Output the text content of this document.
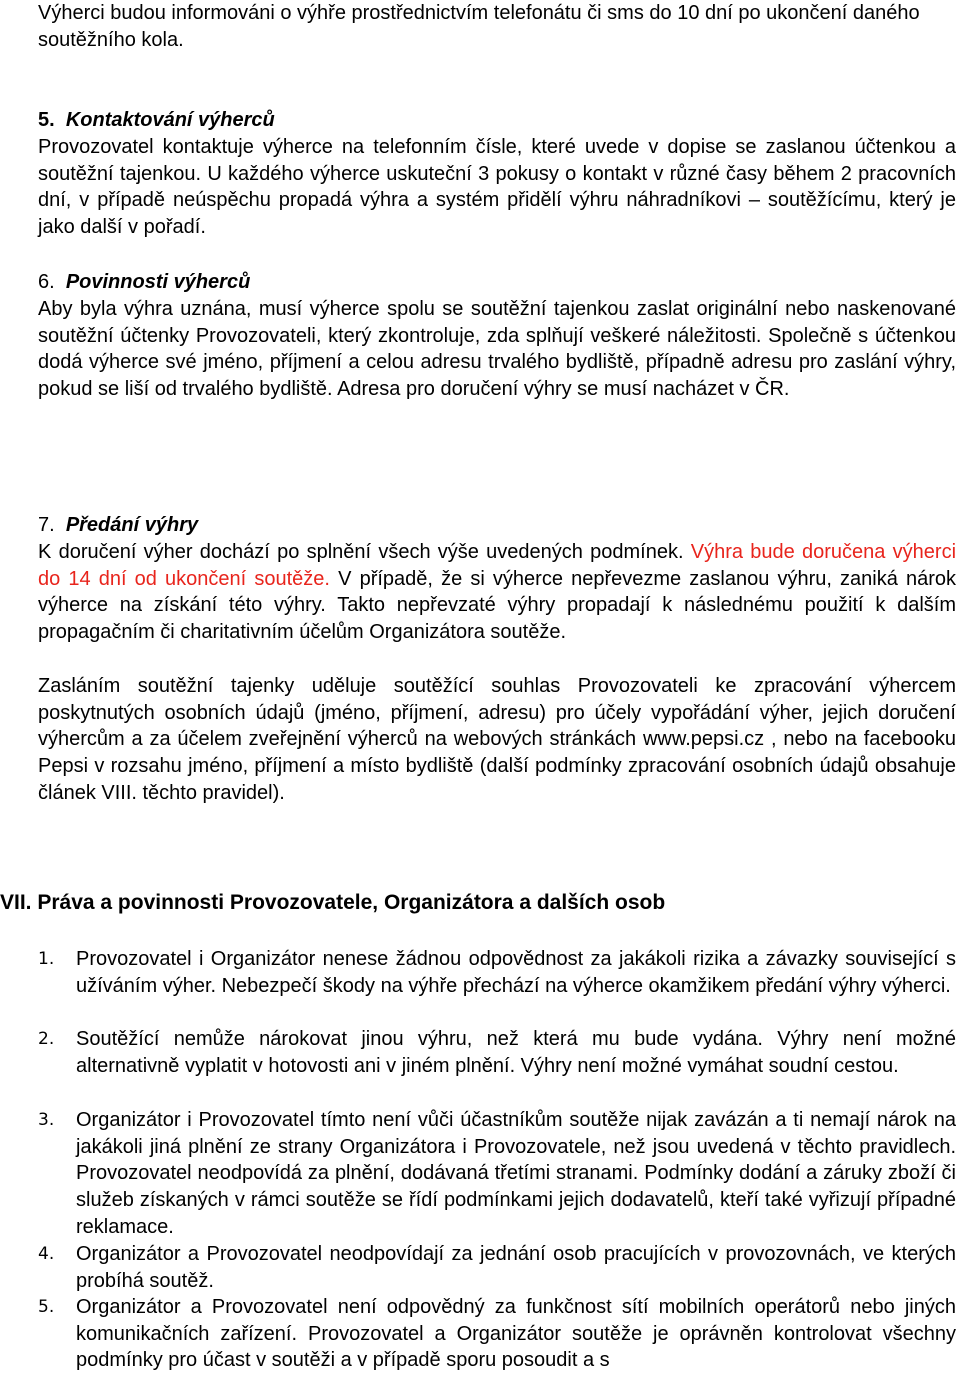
Výherci budou informováni o výhře prostřednictvím telefonátu či sms do 10 dní po ukončení daného soutěžního kola.
5. Kontaktování výherců
Provozovatel kontaktuje výherce na telefonním čísle, které uvede v dopise se zaslanou účtenkou a soutěžní tajenkou. U každého výherce uskuteční 3 pokusy o kontakt v různé časy během 2 pracovních dní, v případě neúspěchu propadá výhra a systém přidělí výhru náhradníkovi – soutěžícímu, který je jako další v pořadí.
6. Povinnosti výherců
Aby byla výhra uznána, musí výherce spolu se soutěžní tajenkou zaslat originální nebo naskenované soutěžní účtenky Provozovateli, který zkontroluje, zda splňují veškeré náležitosti. Společně s účtenkou dodá výherce své jméno, příjmení a celou adresu trvalého bydliště, případně adresu pro zaslání výhry, pokud se liší od trvalého bydliště. Adresa pro doručení výhry se musí nacházet v ČR.
7. Předání výhry
K doručení výher dochází po splnění všech výše uvedených podmínek. Výhra bude doručena výherci do 14 dní od ukončení soutěže. V případě, že si výherce nepřevezme zaslanou výhru, zaniká nárok výherce na získání této výhry. Takto nepřevzaté výhry propadají k následnému použití k dalším propagačním či charitativním účelům Organizátora soutěže.
Zasláním soutěžní tajenky uděluje soutěžící souhlas Provozovateli ke zpracování výhercem poskytnutých osobních údajů (jméno, příjmení, adresu) pro účely vypořádání výher, jejich doručení výhercům a za účelem zveřejnění výherců na webových stránkách www.pepsi.cz , nebo na facebooku Pepsi v rozsahu jméno, příjmení a místo bydliště (další podmínky zpracování osobních údajů obsahuje článek VIII. těchto pravidel).
VII. Práva a povinnosti Provozovatele, Organizátora a dalších osob
1. Provozovatel i Organizátor nenese žádnou odpovědnost za jakákoli rizika a závazky související s užíváním výher. Nebezpečí škody na výhře přechází na výherce okamžikem předání výhry výherci.
2. Soutěžící nemůže nárokovat jinou výhru, než která mu bude vydána. Výhry není možné alternativně vyplatit v hotovosti ani v jiném plnění. Výhry není možné vymáhat soudní cestou.
3. Organizátor i Provozovatel tímto není vůči účastníkům soutěže nijak zavázán a ti nemají nárok na jakákoli jiná plnění ze strany Organizátora i Provozovatele, než jsou uvedená v těchto pravidlech. Provozovatel neodpovídá za plnění, dodávaná třetími stranami. Podmínky dodání a záruky zboží či služeb získaných v rámci soutěže se řídí podmínkami jejich dodavatelů, kteří také vyřizují případné reklamace.
4. Organizátor a Provozovatel neodpovídají za jednání osob pracujících v provozovnách, ve kterých probíhá soutěž.
5. Organizátor a Provozovatel není odpovědný za funkčnost sítí mobilních operátorů nebo jiných komunikačních zařízení. Provozovatel a Organizátor soutěže je oprávněn kontrolovat všechny podmínky pro účast v soutěži a v případě sporu posoudit a s
